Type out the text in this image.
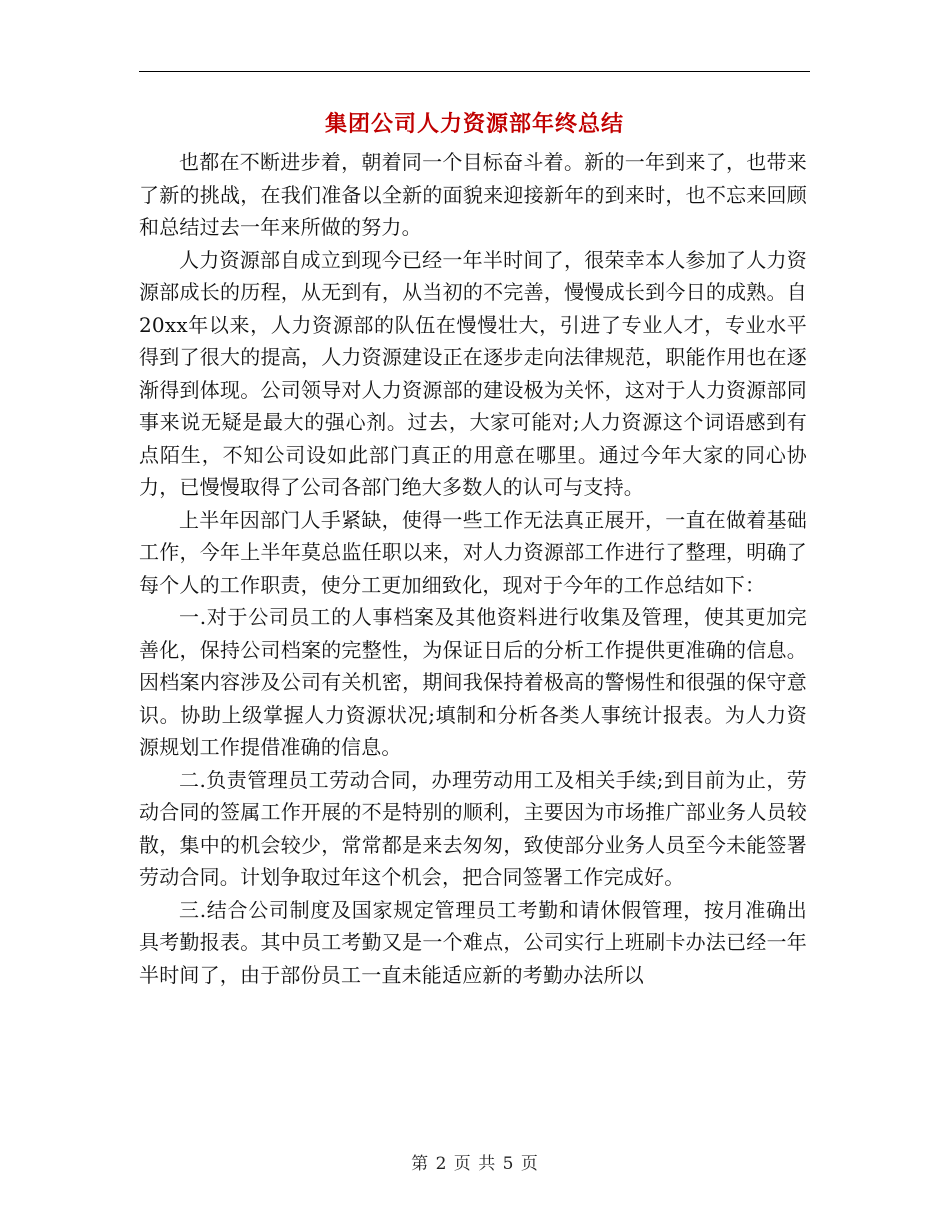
集团公司人力资源部年终总结

也都在不断进步着，朝着同一个目标奋斗着。新的一年到来了，也带来了新的挑战，在我们准备以全新的面貌来迎接新年的到来时，也不忘来回顾和总结过去一年来所做的努力。

人力资源部自成立到现今已经一年半时间了，很荣幸本人参加了人力资源部成长的历程，从无到有，从当初的不完善，慢慢成长到今日的成熟。自20xx年以来，人力资源部的队伍在慢慢壮大，引进了专业人才，专业水平得到了很大的提高，人力资源建设正在逐步走向法律规范，职能作用也在逐渐得到体现。公司领导对人力资源部的建设极为关怀，这对于人力资源部同事来说无疑是最大的强心剂。过去，大家可能对;人力资源这个词语感到有点陌生，不知公司设如此部门真正的用意在哪里。通过今年大家的同心协力，已慢慢取得了公司各部门绝大多数人的认可与支持。

上半年因部门人手紧缺，使得一些工作无法真正展开，一直在做着基础工作，今年上半年莫总监任职以来，对人力资源部工作进行了整理，明确了每个人的工作职责，使分工更加细致化，现对于今年的工作总结如下：

一.对于公司员工的人事档案及其他资料进行收集及管理，使其更加完善化，保持公司档案的完整性，为保证日后的分析工作提供更准确的信息。因档案内容涉及公司有关机密，期间我保持着极高的警惕性和很强的保守意识。协助上级掌握人力资源状况;填制和分析各类人事统计报表。为人力资源规划工作提借准确的信息。

二.负责管理员工劳动合同，办理劳动用工及相关手续;到目前为止，劳动合同的签属工作开展的不是特别的顺利，主要因为市场推广部业务人员较散，集中的机会较少，常常都是来去匆匆，致使部分业务人员至今未能签署劳动合同。计划争取过年这个机会，把合同签署工作完成好。

三.结合公司制度及国家规定管理员工考勤和请休假管理，按月准确出具考勤报表。其中员工考勤又是一个难点，公司实行上班刷卡办法已经一年半时间了，由于部份员工一直未能适应新的考勤办法所以

第 2 页 共 5 页
